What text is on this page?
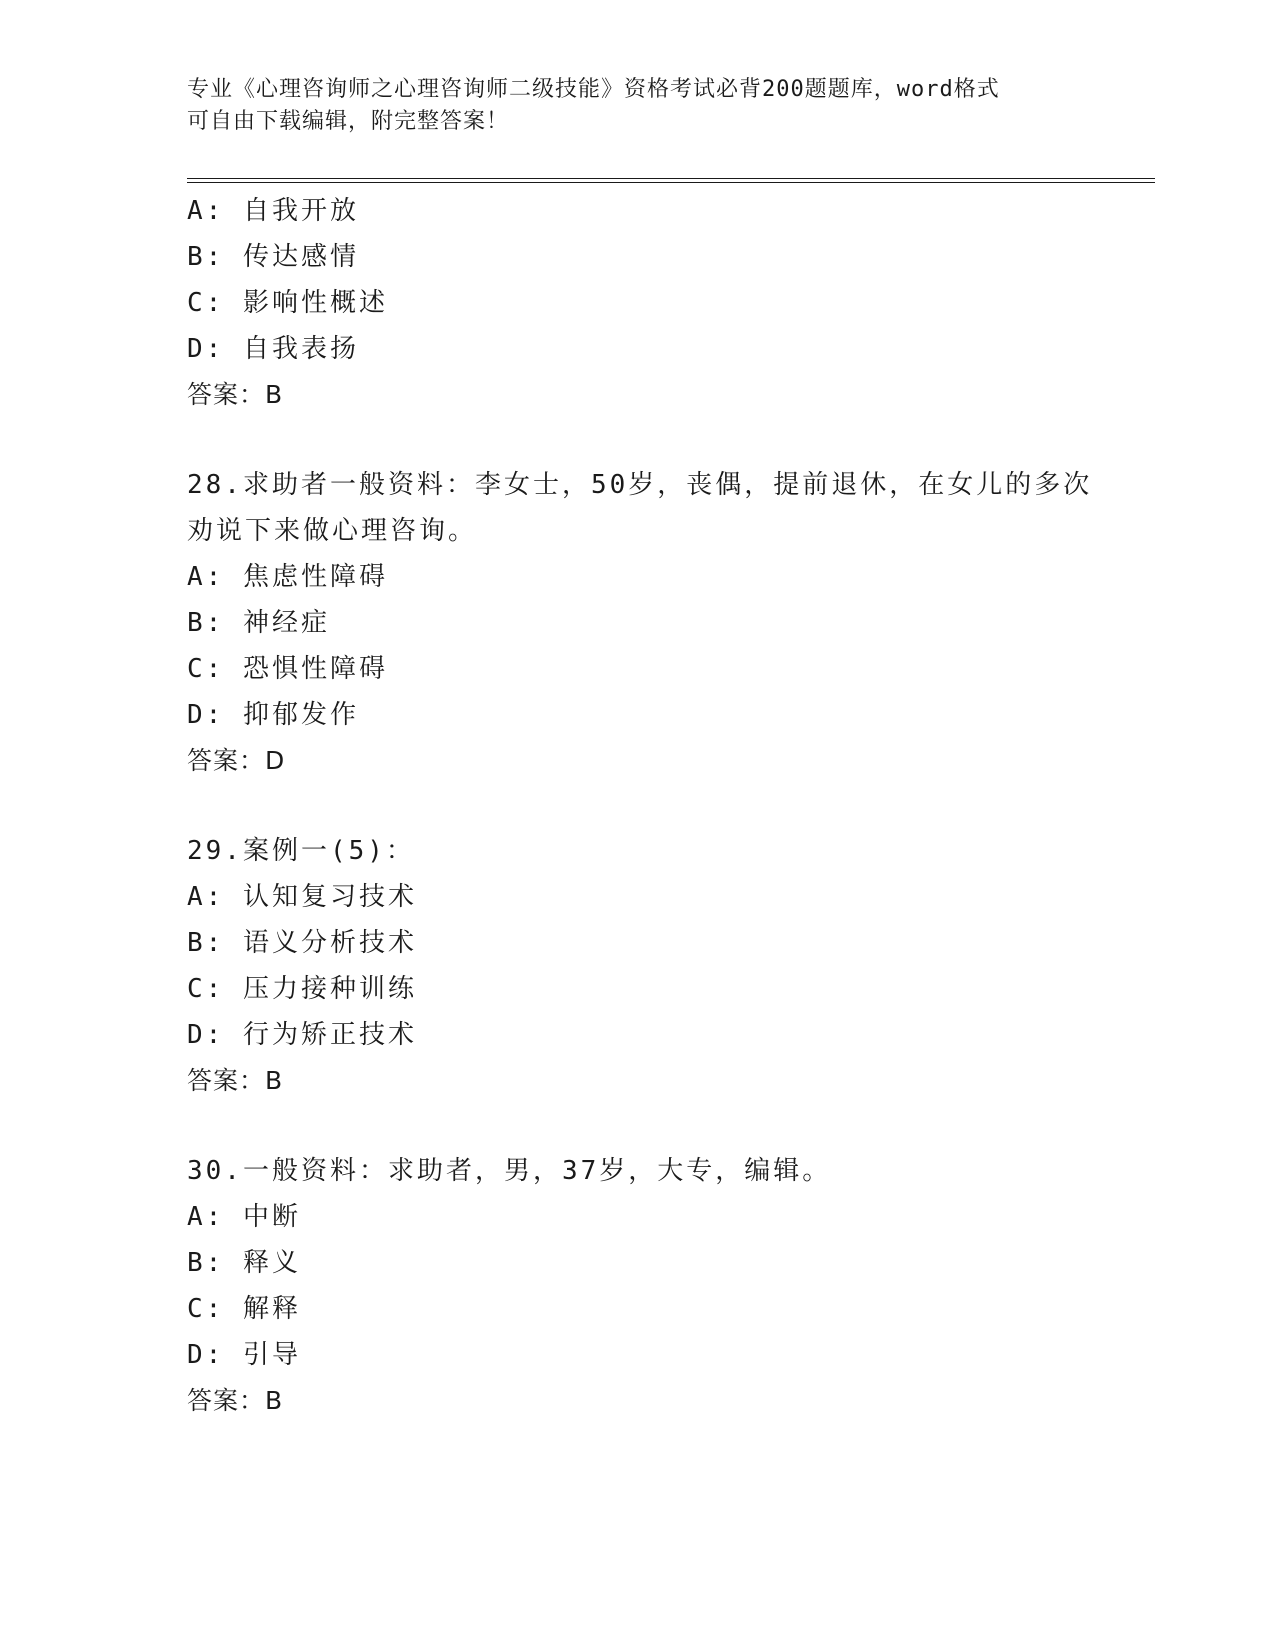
专业《心理咨询师之心理咨询师二级技能》资格考试必背200题题库，word格式
可自由下载编辑，附完整答案！
A: 自我开放
B: 传达感情
C: 影响性概述
D: 自我表扬
答案：B
28.求助者一般资料：李女士，50岁，丧偶，提前退休，在女儿的多次
劝说下来做心理咨询。
A: 焦虑性障碍
B: 神经症
C: 恐惧性障碍
D: 抑郁发作
答案：D
29.案例一(5)：
A: 认知复习技术
B: 语义分析技术
C: 压力接种训练
D: 行为矫正技术
答案：B
30.一般资料：求助者，男，37岁，大专，编辑。
A: 中断
B: 释义
C: 解释
D: 引导
答案：B
